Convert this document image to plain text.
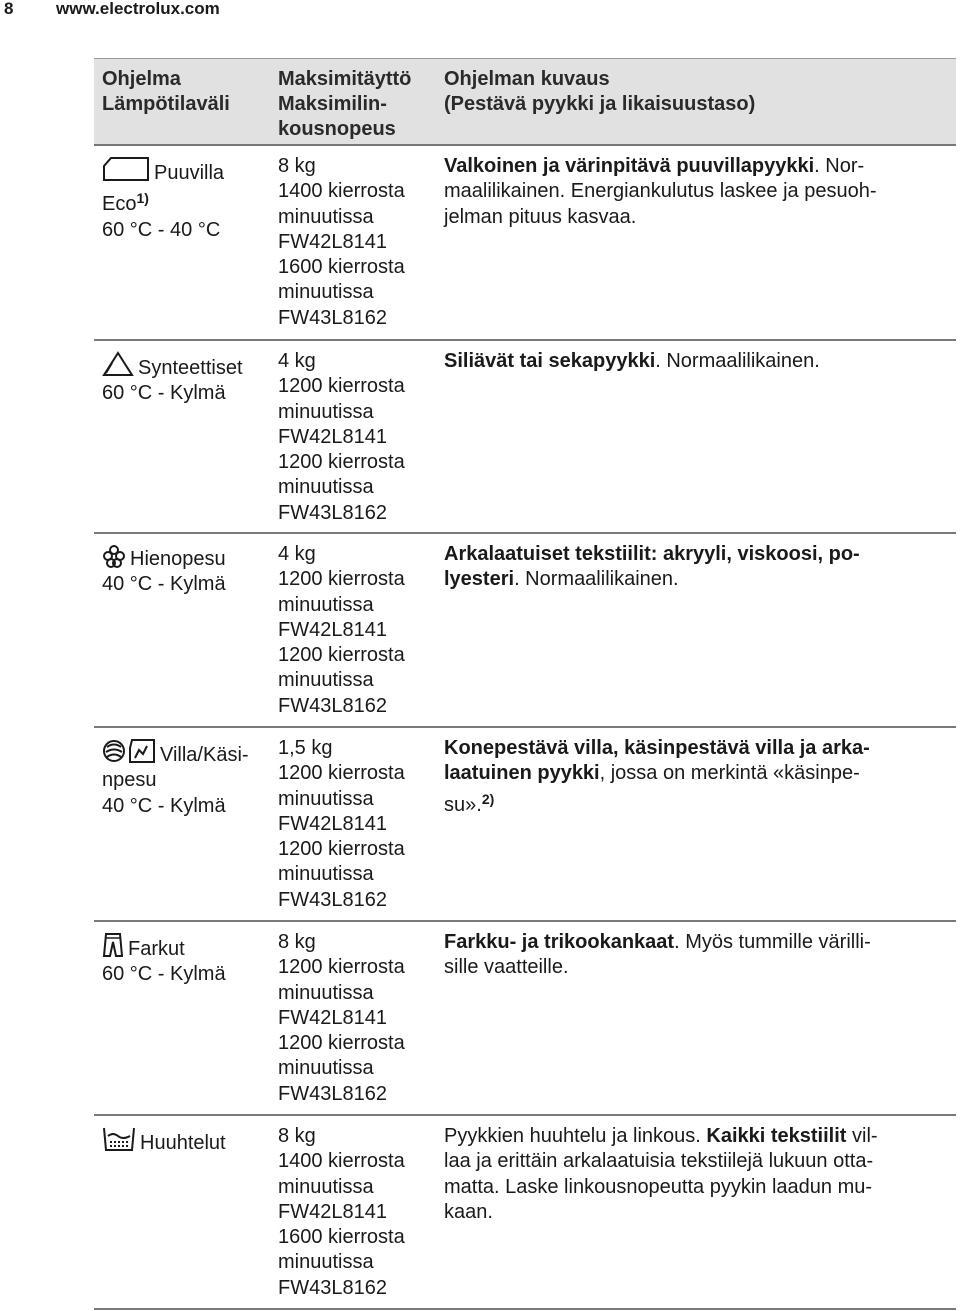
8	www.electrolux.com
Ohjelma
Lämpötilaväli
Maksimitäyttö
Maksimilin-
kousnopeus
Ohjelman kuvaus
(Pestävä pyykki ja likaisuustaso)
Puuvilla
Eco$^{1)}$
60 °C - 40 °C
8 kg
1400 kierrosta
minuutissa
FW42L8141
1600 kierrosta
minuutissa
FW43L8162
Valkoinen ja värinpitävä puuvillapyykki. Nor-
maalilikainen. Energiankulutus laskee ja pesuoh-
jelman pituus kasvaa.
Synteettiset
60 °C - Kylmä
4 kg
1200 kierrosta
minuutissa
FW42L8141
1200 kierrosta
minuutissa
FW43L8162
Siliävät tai sekapyykki. Normaalilikainen.
Hienopesu
40 °C - Kylmä
4 kg
1200 kierrosta
minuutissa
FW42L8141
1200 kierrosta
minuutissa
FW43L8162
Arkalaatuiset tekstiilit: akryyli, viskoosi, po-
lyesteri. Normaalilikainen.
Villa/Käsi-
npesu
40 °C - Kylmä
1,5 kg
1200 kierrosta
minuutissa
FW42L8141
1200 kierrosta
minuutissa
FW43L8162
Konepestävä villa, käsinpestävä villa ja arka-
laatuinen pyykki, jossa on merkintä «käsinpe-
su».$^{2)}$
Farkut
60 °C - Kylmä
8 kg
1200 kierrosta
minuutissa
FW42L8141
1200 kierrosta
minuutissa
FW43L8162
Farkku- ja trikookankaat. Myös tummille värilli-
sille vaatteille.
Huuhtelut	8 kg
1400 kierrosta
minuutissa
FW42L8141
1600 kierrosta
minuutissa
FW43L8162
Pyykkien huuhtelu ja linkous. Kaikki tekstiilit vil-
laa ja erittäin arkalaatuisia tekstiilejä lukuun otta-
matta. Laske linkousnopeutta pyykin laadun mu-
kaan.
